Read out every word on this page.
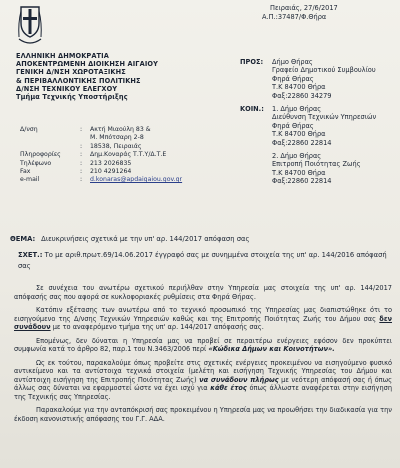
ΕΛΛΗΝΙΚΗ ΔΗΜΟΚΡΑΤΙΑ
ΑΠΟΚΕΝΤΡΩΜΕΝΗ ΔΙΟΙΚΗΣΗ ΑΙΓΑΙΟΥ
ΓΕΝΙΚΗ Δ/ΝΣΗ ΧΩΡΟΤΑΞΙΚΗΣ
& ΠΕΡΙΒΑΛΛΟΝΤΙΚΗΣ ΠΟΛΙΤΙΚΗΣ
Δ/ΝΣΗ ΤΕΧΝΙΚΟΥ ΕΛΕΓΧΟΥ
Τμήμα Τεχνικής Υποστήριξης
Δ/νση	:	Ακτή Μιαούλη 83 &
Μ. Μπότσαρη 2-8
:	18538, Πειραιάς
Πληροφορίες	:	Δηµ.Κοναράς Τ.Τ.Υ/Δ.Τ.Ε
Τηλέφωνο	:	213 2026835
Fax	:	210 4291264
e-mail	:	d.konaras@apdaigaiou.gov.gr
Πειραιάς, 27/6/2017
Α.Π.:37487/Φ.Θήρα
ΠΡΟΣ:	Δήμο Θήρας
Γραφείο Δημοτικού Συμβουλίου
Φηρά Θήρας
Τ.Κ 84700 Θήρα
Φαξ:22860 34279
ΚΟΙΝ.:	1. Δήμο Θήρας
Διεύθυνση Τεχνικών Υπηρεσιών
Φηρά Θήρας
Τ.Κ 84700 Θήρα
Φαξ:22860 22814
2. Δήμο Θήρας
Επιτροπή Ποιότητας Ζωής
Τ.Κ 84700 Θήρα
Φαξ:22860 22814
ΘΕΜΑ: Διευκρινήσεις σχετικά με την υπ' αρ. 144/2017 απόφαση σας
ΣΧΕΤ.: Το με αριθ.πρωτ.69/14.06.2017 έγγραφό σας με συνημμένα στοιχεία της υπ' αρ. 144/2016 απόφασή σας

Σε συνέχεια του ανωτέρω σχετικού περιήλθαν στην Υπηρεσία μας στοιχεία της υπ' αρ. 144/2017 απόφασής σας που αφορά σε κυκλοφοριακές ρυθμίσεις στα Φηρά Θήρας.

Κατόπιν εξέτασης των ανωτέρω από το τεχνικό προσωπικό της Υπηρεσίας μας διαπιστώθηκε ότι το εισηγούμενο της Δ/νσης Τεχνικών Υπηρεσιών καθώς και της Επιτροπής Ποιότητας Ζωής του Δήμου σας δεν συνάδουν με το αναφερόμενο τμήμα της υπ' αρ. 144/2017 απόφασής σας.

Επομένως, δεν δύναται η Υπηρεσία μας να προβεί σε περαιτέρω ενέργειες εφόσον δεν προκύπτει συμφωνία κατά το άρθρο 82, παρ.1 του Ν.3463/2006 περί «Κώδικα Δήμων και Κοινοτήτων».

Ως εκ τούτου, παρακαλούμε όπως προβείτε στις σχετικές ενέργειες προκειμένου να εισηγούμενο φυσικό αντικείμενο και τα αντίστοιχα τεχνικά στοιχεία (μελέτη και εισήγηση Τεχνικής Υπηρεσίας του Δήμου και αντίστοιχη εισήγηση της Επιτροπής Ποιότητας Ζωής) να συνάδουν πλήρως με νεότερη απόφασή σας ή όπως άλλως σας δύναται να εφαρμοστεί ώστε να έχει ισχύ για κάθε έτος όπως άλλωστε αναφέρεται στην εισήγηση της Τεχνικής σας Υπηρεσίας.

Παρακαλούμε για την ανταπόκρισή σας προκειμένου η Υπηρεσία μας να προωθήσει την διαδικασία για την έκδοση κανονιστικής απόφασης του Γ.Γ. ΑΔΑ.
